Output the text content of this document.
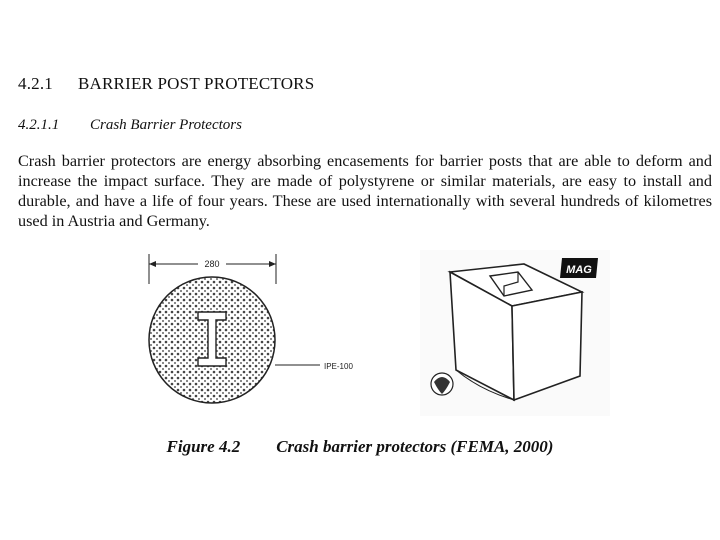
4.2.1 BARRIER POST PROTECTORS
4.2.1.1 Crash Barrier Protectors

Crash barrier protectors are energy absorbing encasements for barrier posts that are able to deform and increase the impact surface. They are made of polystyrene or similar materials, are easy to install and durable, and have a life of four years. These are used internationally with several hundreds of kilometres used in Austria and Germany.

280
IPE-100
MAG

Figure 4.2 Crash barrier protectors (FEMA, 2000)
